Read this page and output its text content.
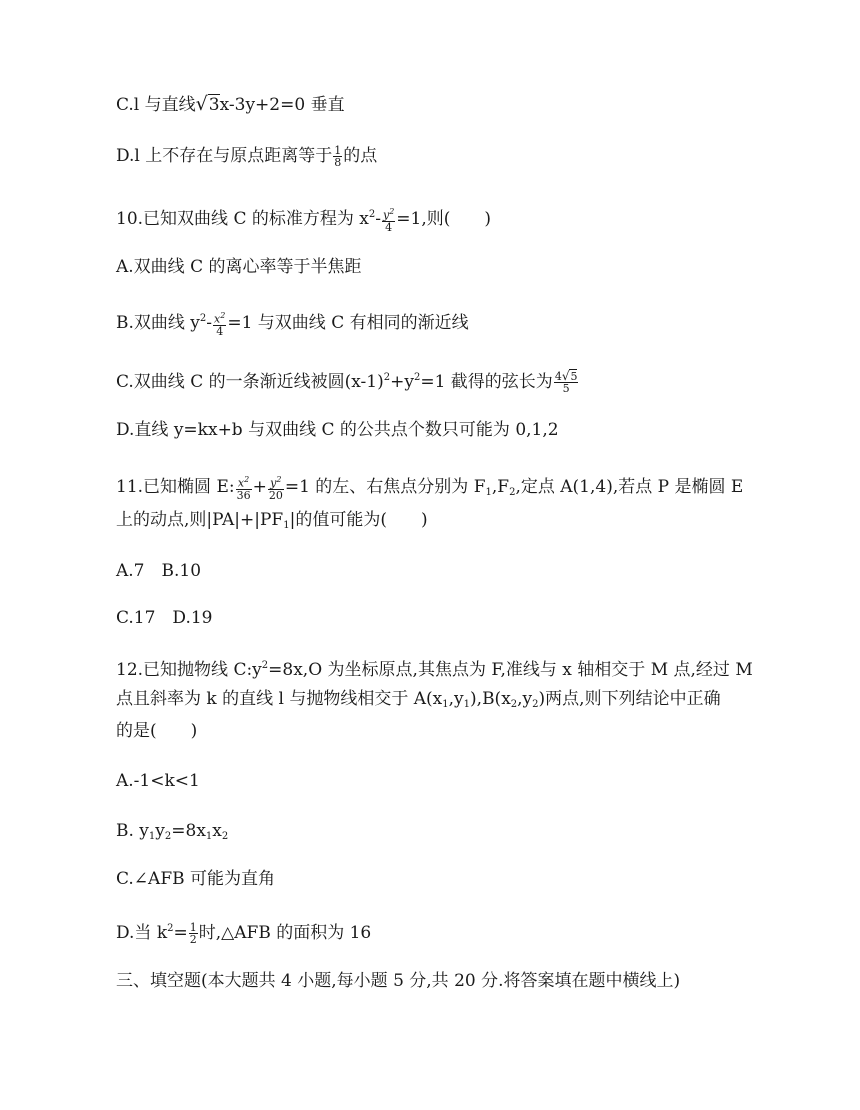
C.l 与直线√3x-3y+2=0 垂直
D.l 上不存在与原点距离等于 $\frac{1}{8}$ 的点
10.已知双曲线 C 的标准方程为 $x^2- \frac{y^2}{4} =1$,则(　　)
A.双曲线 C 的离心率等于半焦距
B.双曲线 $y^2- \frac{x^2}{4} =1$ 与双曲线 C 有相同的渐近线
C.双曲线 C 的一条渐近线被圆$(x-1)^2+y^2=1$ 截得的弦长为 $\frac{4√5}{5}$
D.直线 y=kx+b 与双曲线 C 的公共点个数只可能为 0,1,2
11.已知椭圆 E: $\frac{x^2}{36} + \frac{y^2}{20} =1$ 的左、右焦点分别为 $F_1,F_2$,定点 A(1,4),若点 P 是椭圆 E
上的动点,则$|PA|+|PF_1|$的值可能为(　　)
A.7　B.10
C.17　D.19
12.已知抛物线 $C:y^2=8x,O$ 为坐标原点,其焦点为 F,准线与 x 轴相交于 M 点,经过 M
点且斜率为 k 的直线 l 与抛物线相交于 $A(x_1,y_1),B(x_2,y_2)$两点,则下列结论中正确
的是(　　)
A.-1<k<1
B. $y_1y_2=8x_1x_2$
C.∠AFB 可能为直角
D.当 $k^2= \frac{1}{2}$ 时,△AFB 的面积为 16
三、填空题(本大题共 4 小题,每小题 5 分,共 20 分.将答案填在题中横线上)
